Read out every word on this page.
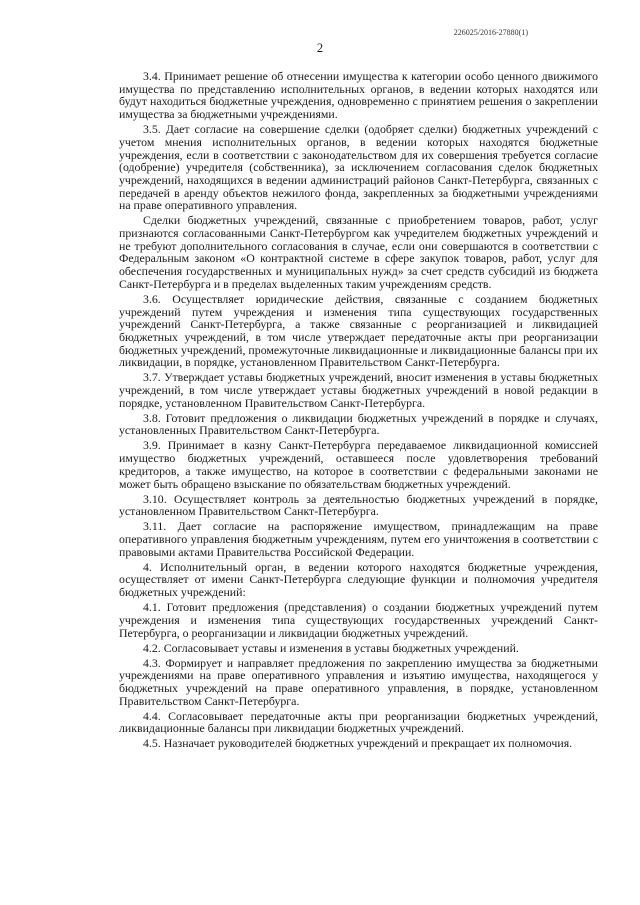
226025/2016-27880(1)
2

3.4. Принимает решение об отнесении имущества к категории особо ценного движимого имущества по представлению исполнительных органов, в ведении которых находятся или будут находиться бюджетные учреждения, одновременно с принятием решения о закреплении имущества за бюджетными учреждениями.

3.5. Дает согласие на совершение сделки (одобряет сделки) бюджетных учреждений с учетом мнения исполнительных органов, в ведении которых находятся бюджетные учреждения, если в соответствии с законодательством для их совершения требуется согласие (одобрение) учредителя (собственника), за исключением согласования сделок бюджетных учреждений, находящихся в ведении администраций районов Санкт-Петербурга, связанных с передачей в аренду объектов нежилого фонда, закрепленных за бюджетными учреждениями на праве оперативного управления.

Сделки бюджетных учреждений, связанные с приобретением товаров, работ, услуг признаются согласованными Санкт-Петербургом как учредителем бюджетных учреждений и не требуют дополнительного согласования в случае, если они совершаются в соответствии с Федеральным законом «О контрактной системе в сфере закупок товаров, работ, услуг для обеспечения государственных и муниципальных нужд» за счет средств субсидий из бюджета Санкт-Петербурга и в пределах выделенных таким учреждениям средств.

3.6. Осуществляет юридические действия, связанные с созданием бюджетных учреждений путем учреждения и изменения типа существующих государственных учреждений Санкт-Петербурга, а также связанные с реорганизацией и ликвидацией бюджетных учреждений, в том числе утверждает передаточные акты при реорганизации бюджетных учреждений, промежуточные ликвидационные и ликвидационные балансы при их ликвидации, в порядке, установленном Правительством Санкт-Петербурга.

3.7. Утверждает уставы бюджетных учреждений, вносит изменения в уставы бюджетных учреждений, в том числе утверждает уставы бюджетных учреждений в новой редакции в порядке, установленном Правительством Санкт-Петербурга.

3.8. Готовит предложения о ликвидации бюджетных учреждений в порядке и случаях, установленных Правительством Санкт-Петербурга.

3.9. Принимает в казну Санкт-Петербурга передаваемое ликвидационной комиссией имущество бюджетных учреждений, оставшееся после удовлетворения требований кредиторов, а также имущество, на которое в соответствии с федеральными законами не может быть обращено взыскание по обязательствам бюджетных учреждений.

3.10. Осуществляет контроль за деятельностью бюджетных учреждений в порядке, установленном Правительством Санкт-Петербурга.

3.11. Дает согласие на распоряжение имуществом, принадлежащим на праве оперативного управления бюджетным учреждениям, путем его уничтожения в соответствии с правовыми актами Правительства Российской Федерации.

4. Исполнительный орган, в ведении которого находятся бюджетные учреждения, осуществляет от имени Санкт-Петербурга следующие функции и полномочия учредителя бюджетных учреждений:

4.1. Готовит предложения (представления) о создании бюджетных учреждений путем учреждения и изменения типа существующих государственных учреждений Санкт-Петербурга, о реорганизации и ликвидации бюджетных учреждений.

4.2. Согласовывает уставы и изменения в уставы бюджетных учреждений.

4.3. Формирует и направляет предложения по закреплению имущества за бюджетными учреждениями на праве оперативного управления и изъятию имущества, находящегося у бюджетных учреждений на праве оперативного управления, в порядке, установленном Правительством Санкт-Петербурга.

4.4. Согласовывает передаточные акты при реорганизации бюджетных учреждений, ликвидационные балансы при ликвидации бюджетных учреждений.

4.5. Назначает руководителей бюджетных учреждений и прекращает их полномочия.
